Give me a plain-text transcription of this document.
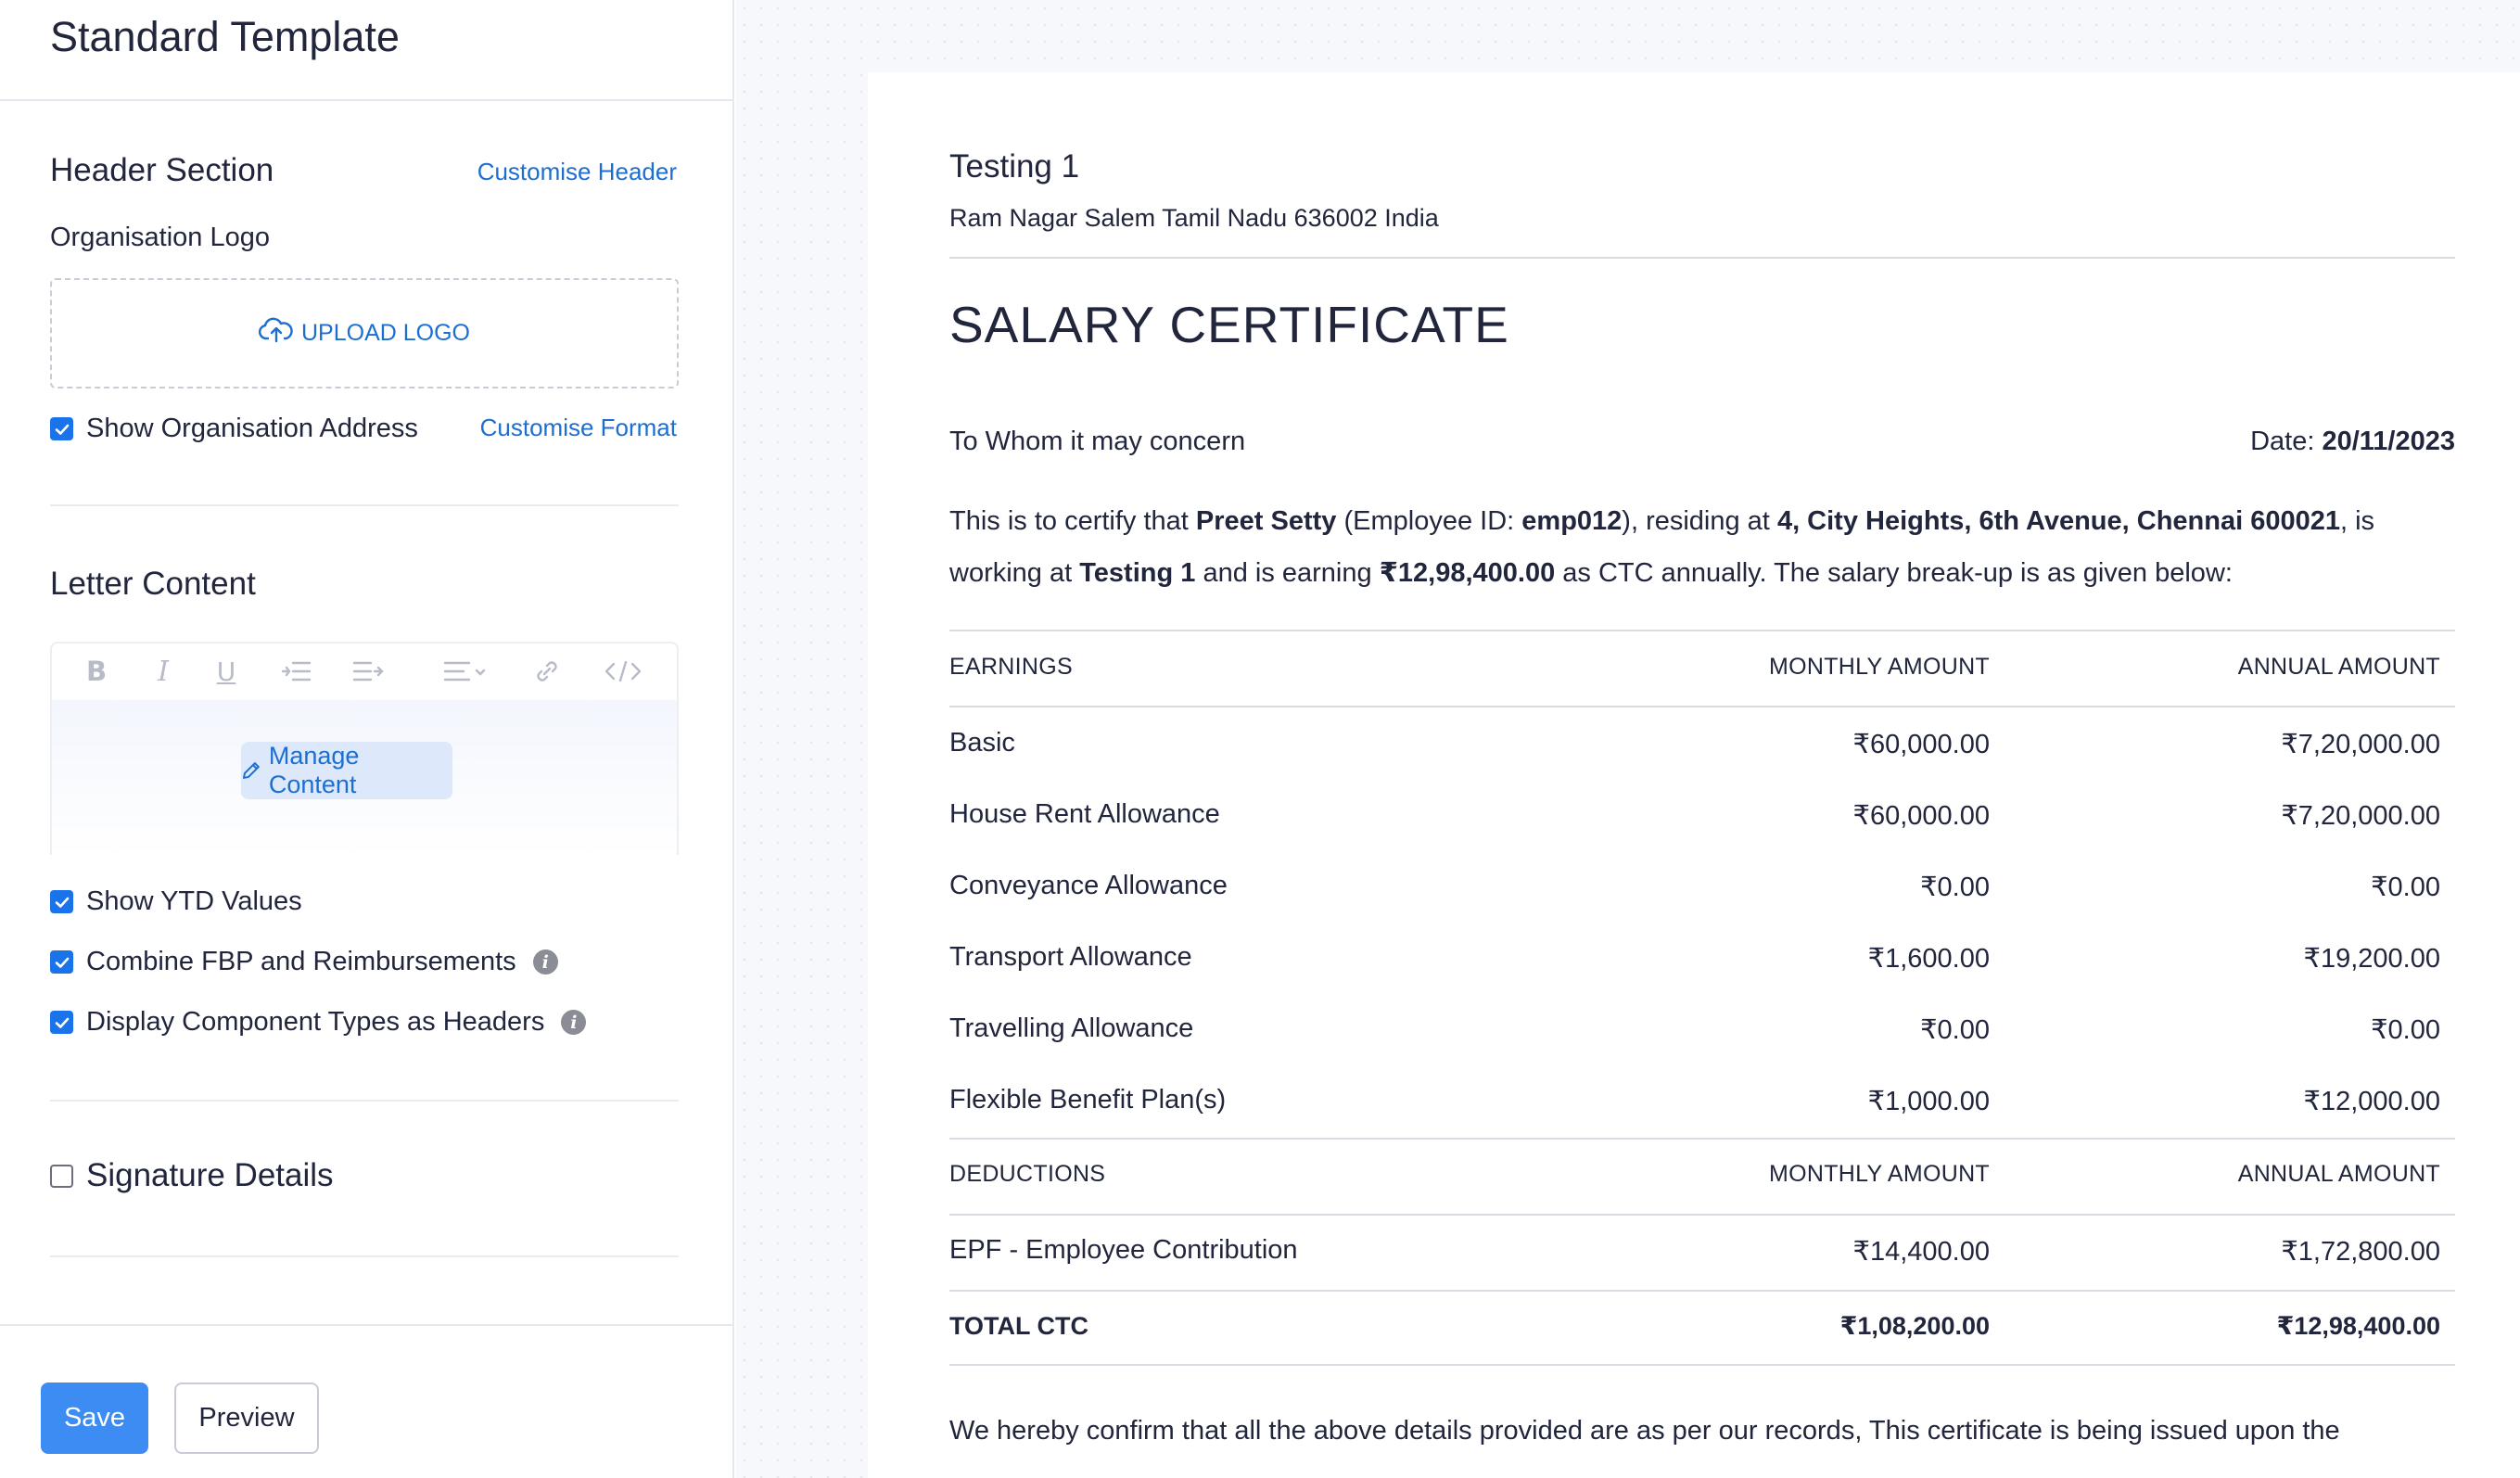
Standard Template
Header Section	Customise Header
Organisation Logo
UPLOAD LOGO
Show Organisation Address	Customise Format
Letter Content
B	I	U
Manage Content
Show YTD Values
Combine FBP and Reimbursements	i
Display Component Types as Headers	i
Signature Details
Save	Preview
Testing 1
Ram Nagar Salem Tamil Nadu 636002 India
SALARY CERTIFICATE
To Whom it may concern	Date: 20/11/2023
This is to certify that Preet Setty (Employee ID: emp012), residing at 4, City Heights, 6th Avenue, Chennai 600021, is working at Testing 1 and is earning ₹12,98,400.00 as CTC annually. The salary break-up is as given below:
EARNINGS	MONTHLY AMOUNT	ANNUAL AMOUNT
Basic	₹60,000.00	₹7,20,000.00
House Rent Allowance	₹60,000.00	₹7,20,000.00
Conveyance Allowance	₹0.00	₹0.00
Transport Allowance	₹1,600.00	₹19,200.00
Travelling Allowance	₹0.00	₹0.00
Flexible Benefit Plan(s)	₹1,000.00	₹12,000.00
DEDUCTIONS	MONTHLY AMOUNT	ANNUAL AMOUNT
EPF - Employee Contribution	₹14,400.00	₹1,72,800.00
TOTAL CTC	₹1,08,200.00	₹12,98,400.00
We hereby confirm that all the above details provided are as per our records, This certificate is being issued upon the
